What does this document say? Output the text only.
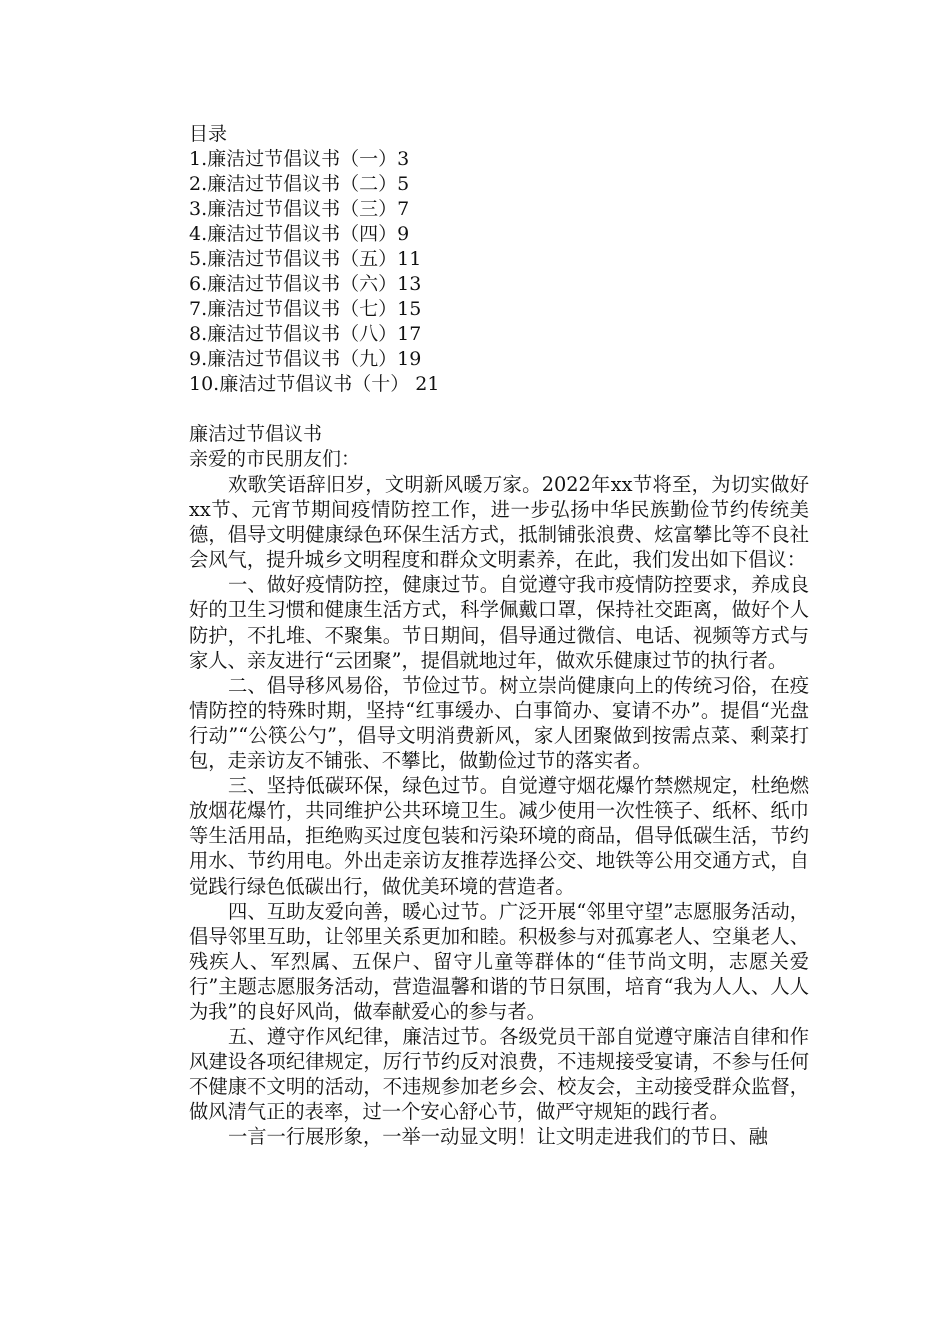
目录
1.廉洁过节倡议书（一）3
2.廉洁过节倡议书（二）5
3.廉洁过节倡议书（三）7
4.廉洁过节倡议书（四）9
5.廉洁过节倡议书（五）11
6.廉洁过节倡议书（六）13
7.廉洁过节倡议书（七）15
8.廉洁过节倡议书（八）17
9.廉洁过节倡议书（九）19
10.廉洁过节倡议书（十） 21
廉洁过节倡议书
亲爱的市民朋友们：

欢歌笑语辞旧岁，文明新风暖万家。2022年xx节将至，为切实做好xx节、元宵节期间疫情防控工作，进一步弘扬中华民族勤俭节约传统美德，倡导文明健康绿色环保生活方式，抵制铺张浪费、炫富攀比等不良社会风气，提升城乡文明程度和群众文明素养，在此，我们发出如下倡议：

一、做好疫情防控，健康过节。自觉遵守我市疫情防控要求，养成良好的卫生习惯和健康生活方式，科学佩戴口罩，保持社交距离，做好个人防护，不扎堆、不聚集。节日期间，倡导通过微信、电话、视频等方式与家人、亲友进行“云团聚”，提倡就地过年，做欢乐健康过节的执行者。

二、倡导移风易俗，节俭过节。树立崇尚健康向上的传统习俗，在疫情防控的特殊时期，坚持“红事缓办、白事简办、宴请不办”。提倡“光盘行动”“公筷公勺”，倡导文明消费新风，家人团聚做到按需点菜、剩菜打包，走亲访友不铺张、不攀比，做勤俭过节的落实者。

三、坚持低碳环保，绿色过节。自觉遵守烟花爆竹禁燃规定，杜绝燃放烟花爆竹，共同维护公共环境卫生。减少使用一次性筷子、纸杯、纸巾等生活用品，拒绝购买过度包装和污染环境的商品，倡导低碳生活，节约用水、节约用电。外出走亲访友推荐选择公交、地铁等公用交通方式，自觉践行绿色低碳出行，做优美环境的营造者。

四、互助友爱向善，暖心过节。广泛开展“邻里守望”志愿服务活动，倡导邻里互助，让邻里关系更加和睦。积极参与对孤寡老人、空巢老人、残疾人、军烈属、五保户、留守儿童等群体的“佳节尚文明，志愿关爱行”主题志愿服务活动，营造温馨和谐的节日氛围，培育“我为人人、人人为我”的良好风尚，做奉献爱心的参与者。

五、遵守作风纪律，廉洁过节。各级党员干部自觉遵守廉洁自律和作风建设各项纪律规定，厉行节约反对浪费，不违规接受宴请，不参与任何不健康不文明的活动，不违规参加老乡会、校友会，主动接受群众监督，做风清气正的表率，过一个安心舒心节，做严守规矩的践行者。

一言一行展形象，一举一动显文明！让文明走进我们的节日、融
